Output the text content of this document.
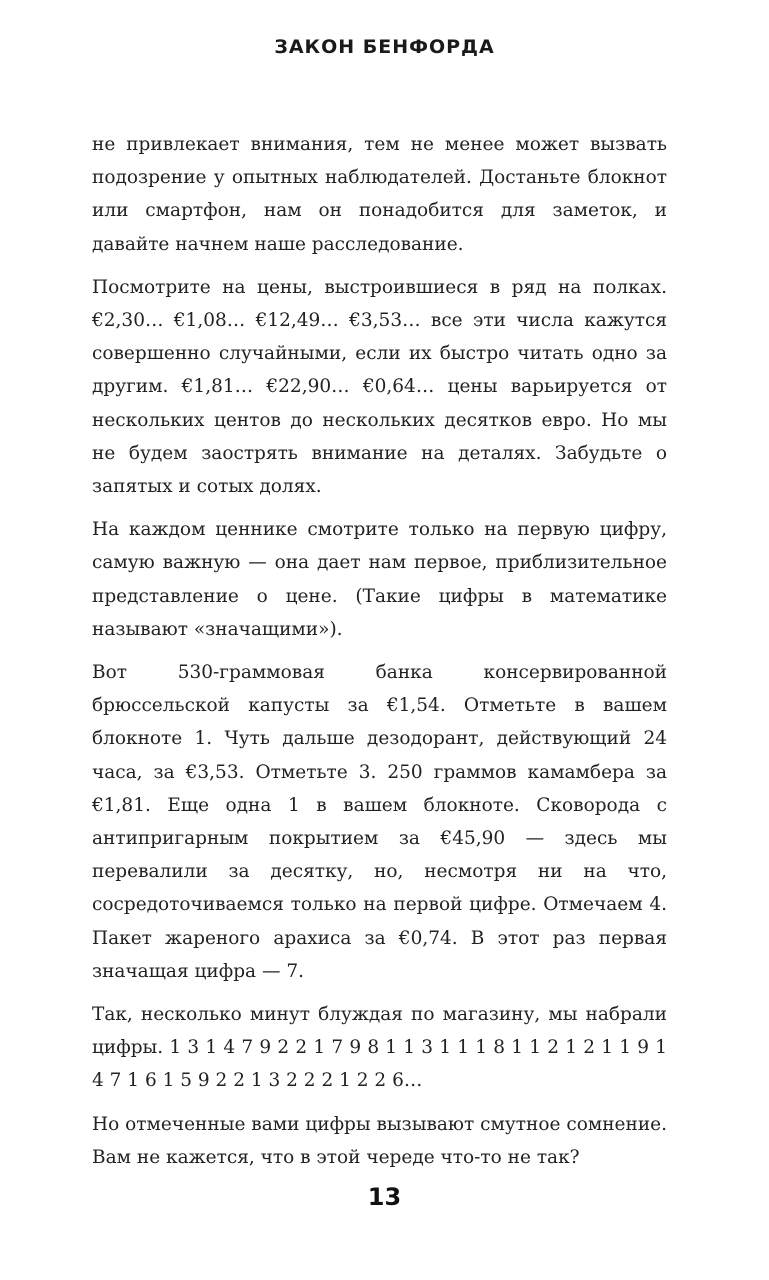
ЗАКОН БЕНФОРДА

не привлекает внимания, тем не менее может вызвать подозрение у опытных наблюдателей. Достаньте блокнот или смартфон, нам он понадобится для заметок, и давайте начнем наше расследование.

Посмотрите на цены, выстроившиеся в ряд на полках. €2,30… €1,08… €12,49… €3,53… все эти числа кажутся совершенно случайными, если их быстро читать одно за другим. €1,81… €22,90… €0,64… цены варьируется от нескольких центов до нескольких десятков евро. Но мы не будем заострять внимание на деталях. Забудьте о запятых и сотых долях.

На каждом ценнике смотрите только на первую цифру, самую важную — она дает нам первое, приблизительное представление о цене. (Такие цифры в математике называют «значащими»).

Вот 530-граммовая банка консервированной брюссельской капусты за €1,54. Отметьте в вашем блокноте 1. Чуть дальше дезодорант, действующий 24 часа, за €3,53. Отметьте 3. 250 граммов камамбера за €1,81. Еще одна 1 в вашем блокноте. Сковорода с антипригарным покрытием за €45,90 — здесь мы перевалили за десятку, но, несмотря ни на что, сосредоточиваемся только на первой цифре. Отмечаем 4. Пакет жареного арахиса за €0,74. В этот раз первая значащая цифра — 7.

Так, несколько минут блуждая по магазину, мы набрали цифры. 1 3 1 4 7 9 2 2 1 7 9 8 1 1 3 1 1 1 8 1 1 2 1 2 1 1 9 1 4 7 1 6 1 5 9 2 2 1 3 2 2 2 1 2 2 6…

Но отмеченные вами цифры вызывают смутное сомнение. Вам не кажется, что в этой череде что-то не так?

13
